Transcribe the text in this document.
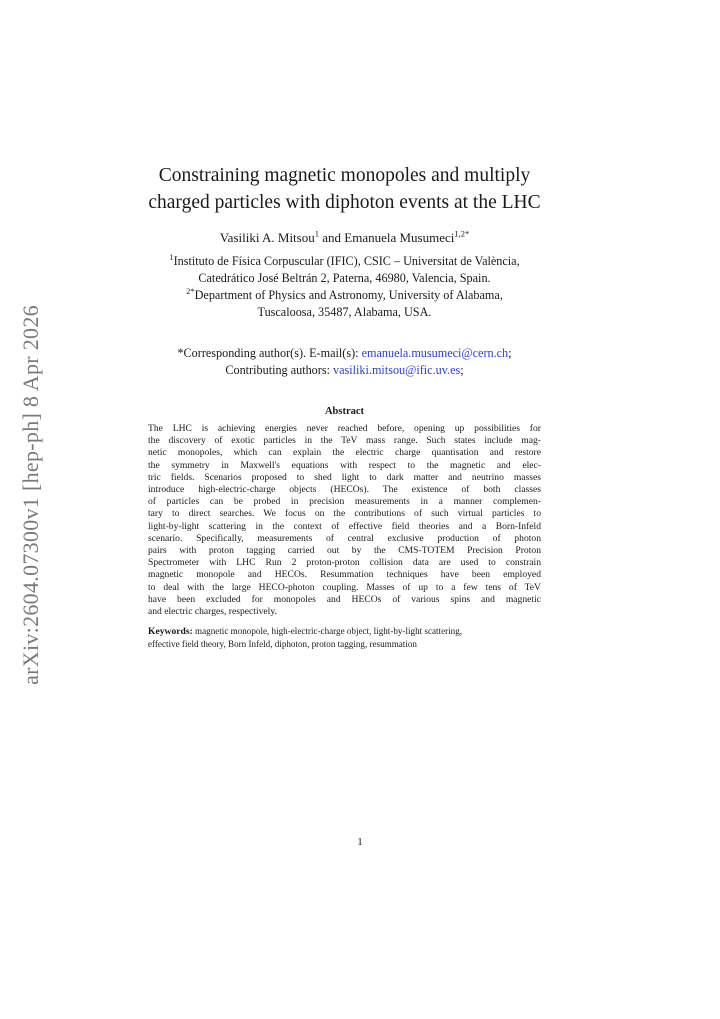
arXiv:2604.07300v1 [hep-ph] 8 Apr 2026
Constraining magnetic monopoles and multiply
charged particles with diphoton events at the LHC
Vasiliki A. Mitsou$^1$ and Emanuela Musumeci$^{1,2*}$
$^1$Instituto de Física Corpuscular (IFIC), CSIC – Universitat de València,
Catedrático José Beltrán 2, Paterna, 46980, Valencia, Spain.
$^{2*}$Department of Physics and Astronomy, University of Alabama,
Tuscaloosa, 35487, Alabama, USA.
*Corresponding author(s). E-mail(s): emanuela.musumeci@cern.ch;
Contributing authors: vasiliki.mitsou@ific.uv.es;
Abstract
The LHC is achieving energies never reached before, opening up possibilities for
the discovery of exotic particles in the TeV mass range. Such states include mag-
netic monopoles, which can explain the electric charge quantisation and restore
the symmetry in Maxwell's equations with respect to the magnetic and elec-
tric fields. Scenarios proposed to shed light to dark matter and neutrino masses
introduce high-electric-charge objects (HECOs). The existence of both classes
of particles can be probed in precision measurements in a manner complemen-
tary to direct searches. We focus on the contributions of such virtual particles to
light-by-light scattering in the context of effective field theories and a Born-Infeld
scenario. Specifically, measurements of central exclusive production of photon
pairs with proton tagging carried out by the CMS-TOTEM Precision Proton
Spectrometer with LHC Run 2 proton-proton collision data are used to constrain
magnetic monopole and HECOs. Resummation techniques have been employed
to deal with the large HECO-photon coupling. Masses of up to a few tens of TeV
have been excluded for monopoles and HECOs of various spins and magnetic
and electric charges, respectively.
Keywords: magnetic monopole, high-electric-charge object, light-by-light scattering,
effective field theory, Born Infeld, diphoton, proton tagging, resummation
1
